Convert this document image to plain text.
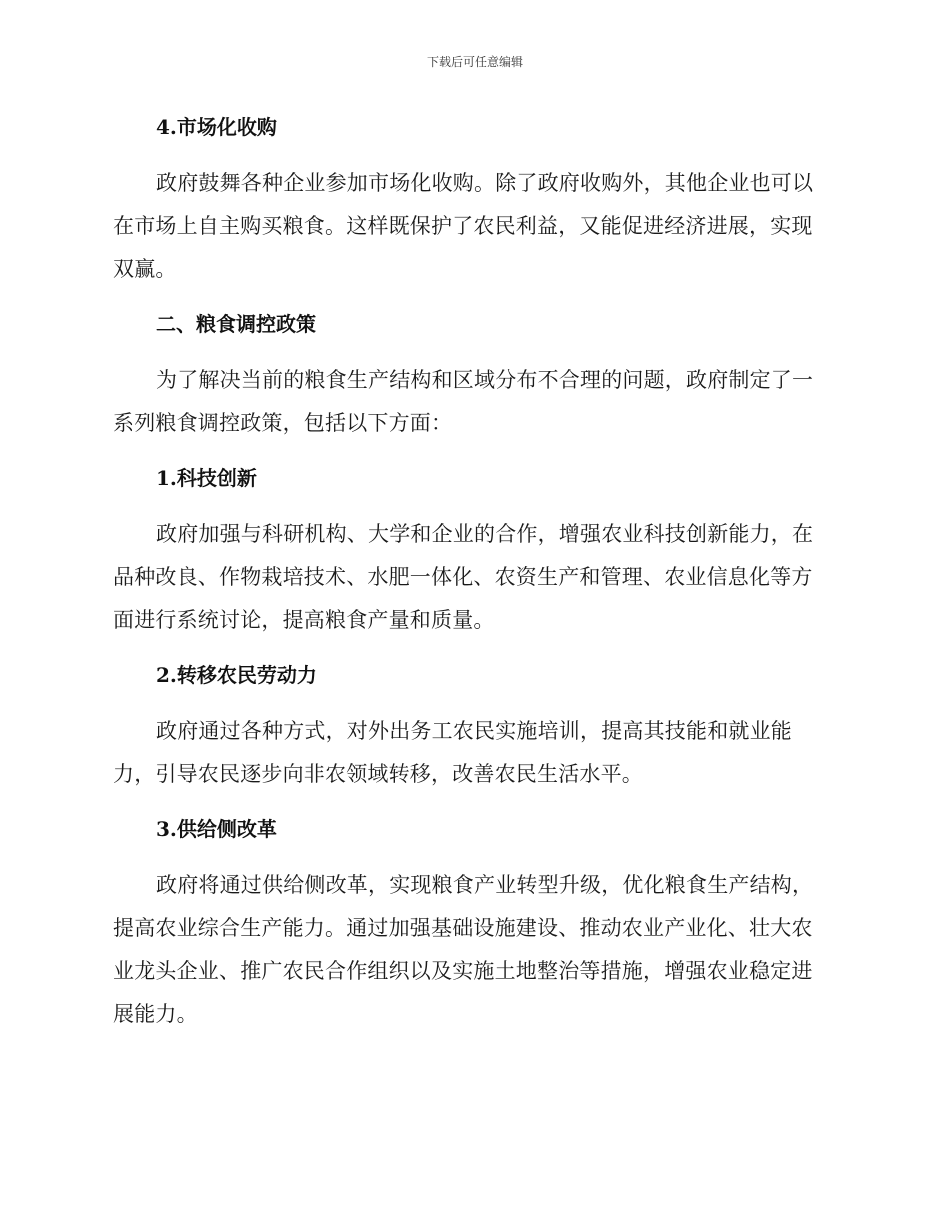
下载后可任意编辑
4.市场化收购

政府鼓舞各种企业参加市场化收购。除了政府收购外，其他企业也可以在市场上自主购买粮食。这样既保护了农民利益，又能促进经济进展，实现双赢。

二、粮食调控政策

为了解决当前的粮食生产结构和区域分布不合理的问题，政府制定了一系列粮食调控政策，包括以下方面：

1.科技创新

政府加强与科研机构、大学和企业的合作，增强农业科技创新能力，在品种改良、作物栽培技术、水肥一体化、农资生产和管理、农业信息化等方面进行系统讨论，提高粮食产量和质量。

2.转移农民劳动力

政府通过各种方式，对外出务工农民实施培训，提高其技能和就业能力，引导农民逐步向非农领域转移，改善农民生活水平。

3.供给侧改革

政府将通过供给侧改革，实现粮食产业转型升级，优化粮食生产结构，提高农业综合生产能力。通过加强基础设施建设、推动农业产业化、壮大农业龙头企业、推广农民合作组织以及实施土地整治等措施，增强农业稳定进展能力。
